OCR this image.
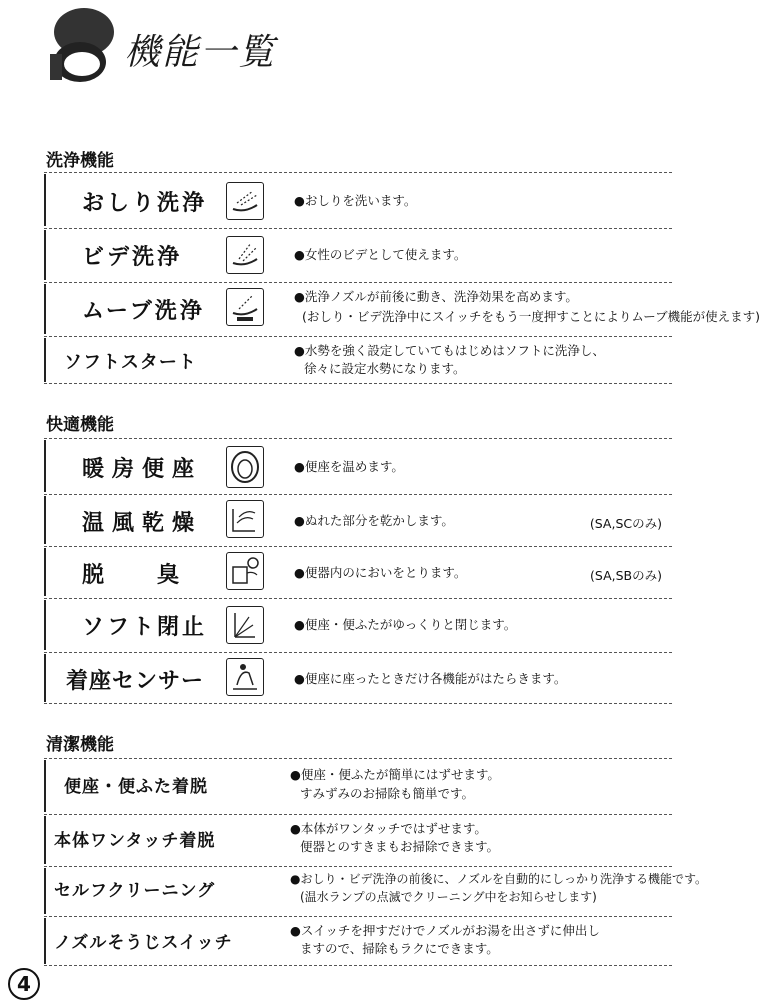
機能一覧
洗浄機能
おしり洗浄	●おしりを洗います。
ビデ洗浄	●女性のビデとして使えます。
ムーブ洗浄
●洗浄ノズルが前後に動き、洗浄効果を高めます。
(おしり・ビデ洗浄中にスイッチをもう一度押すことによりムーブ機能が使えます)
ソフトスタート
●水勢を強く設定していてもはじめはソフトに洗浄し、
徐々に設定水勢になります。
快適機能
暖房便座	●便座を温めます。
温風乾燥	●ぬれた部分を乾かします。	(SA,SCのみ)
脱　　臭	●便器内のにおいをとります。	(SA,SBのみ)
ソフト閉止	●便座・便ふたがゆっくりと閉じます。
着座センサー	●便座に座ったときだけ各機能がはたらきます。
清潔機能
便座・便ふた着脱
●便座・便ふたが簡単にはずせます。
すみずみのお掃除も簡単です。
本体ワンタッチ着脱
●本体がワンタッチではずせます。
便器とのすきまもお掃除できます。
セルフクリーニング
●おしり・ビデ洗浄の前後に、ノズルを自動的にしっかり洗浄する機能です。
(温水ランプの点滅でクリーニング中をお知らせします)
ノズルそうじスイッチ
●スイッチを押すだけでノズルがお湯を出さずに伸出し
ますので、掃除もラクにできます。
4
